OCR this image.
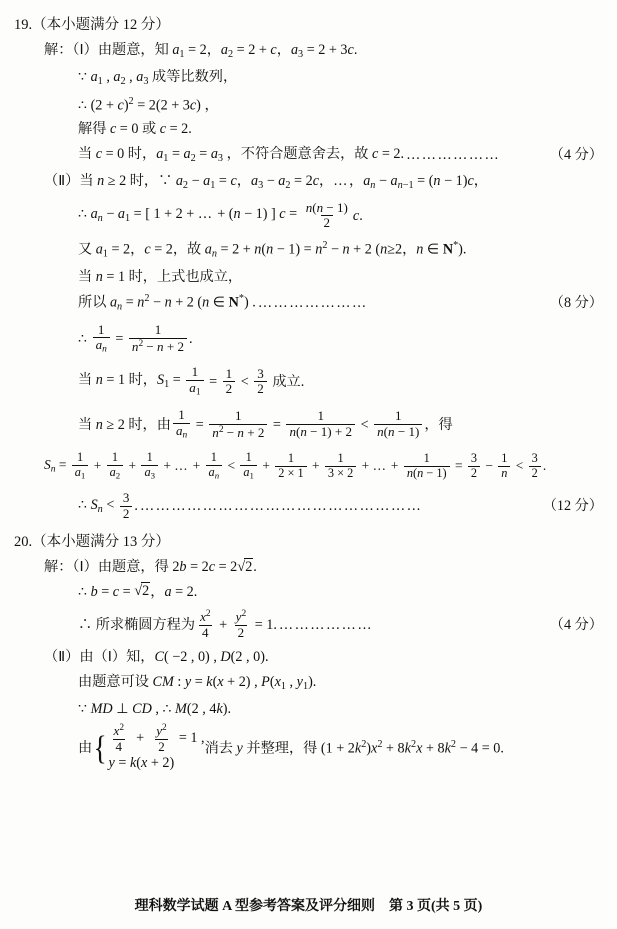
19.（本小题满分 12 分）
解：（Ⅰ）由题意，知 $a_1 = 2$，$a_2 = 2 + c$，$a_3 = 2 + 3c$.
∵ $a_1$ , $a_2$ , $a_3$ 成等比数列，
∴ $(2 + c)^2 = 2(2 + 3c)$ ，
解得 c = 0 或 c = 2.
当 c = 0 时，$a_1 = a_2 = a_3$ ，不符合题意舍去，故 c = 2. ………………	（4 分）
（Ⅱ）当 n ≥ 2 时，∵ $a_2 - a_1 = c$，$a_3 - a_2 = 2c$，…，$a_n - a_{n-1} = (n - 1)c$，
∴ $a_n - a_1$ = [ 1 + 2 + … + (n − 1) ] $c = \frac{n(n - 1)}{2} c$.
又 $a_1 = 2$，c = 2，故 $a_n = 2 + n(n - 1) = n^2 - n + 2$ (n≥2，n ∈ N*).
当 n = 1 时，上式也成立，
所以 $a_n = n^2 - n + 2$ (n ∈ N*) . …………………	（8 分）
∴ $\frac{1}{a_n} = \frac{1}{n^2 - n + 2}$ .
当 n = 1 时，$S_1 = \frac{1}{a_1} = \frac{1}{2} < \frac{3}{2}$ 成立.
当 n ≥ 2 时，由 $\frac{1}{a_n} = \frac{1}{n^2 - n + 2} = \frac{1}{n(n - 1) + 2} < \frac{1}{n(n - 1)}$ ，得
$S_n = \frac{1}{a_1} + \frac{1}{a_2} + \frac{1}{a_3}$ + … + $\frac{1}{a_n} < \frac{1}{a_1} + \frac{1}{2 \times 1} + \frac{1}{3 \times 2}$ + … + $\frac{1}{n(n - 1)} = \frac{3}{2} - \frac{1}{n} < \frac{3}{2}$ .
∴ $S_n < \frac{3}{2}$ . ………………………………………………	（12 分）
20.（本小题满分 13 分）
解：（Ⅰ）由题意，得 2b = 2c = 2 √2 .
∴ b = c = √2 ，a = 2.
∴ 所求椭圆方程为 $\frac{x^2}{4} + \frac{y^2}{2} = 1$. ………………	（4 分）
（Ⅱ）由（Ⅰ）知，C( −2 , 0) , D(2 , 0).
由题意可设 CM : y = k(x + 2) , $P(x_1$ , $y_1$).
∵ MD ⊥ CD , ∴ M(2 , 4k).
由 { $\frac{x^2}{4} + \frac{y^2}{2} = 1$ ,
y = k(x + 2)
消去 y 并整理，得 $(1 + 2k^2)x^2 + 8k^2x + 8k^2 - 4 = 0$.
理科数学试题 A 型参考答案及评分细则　第 3 页(共 5 页)
